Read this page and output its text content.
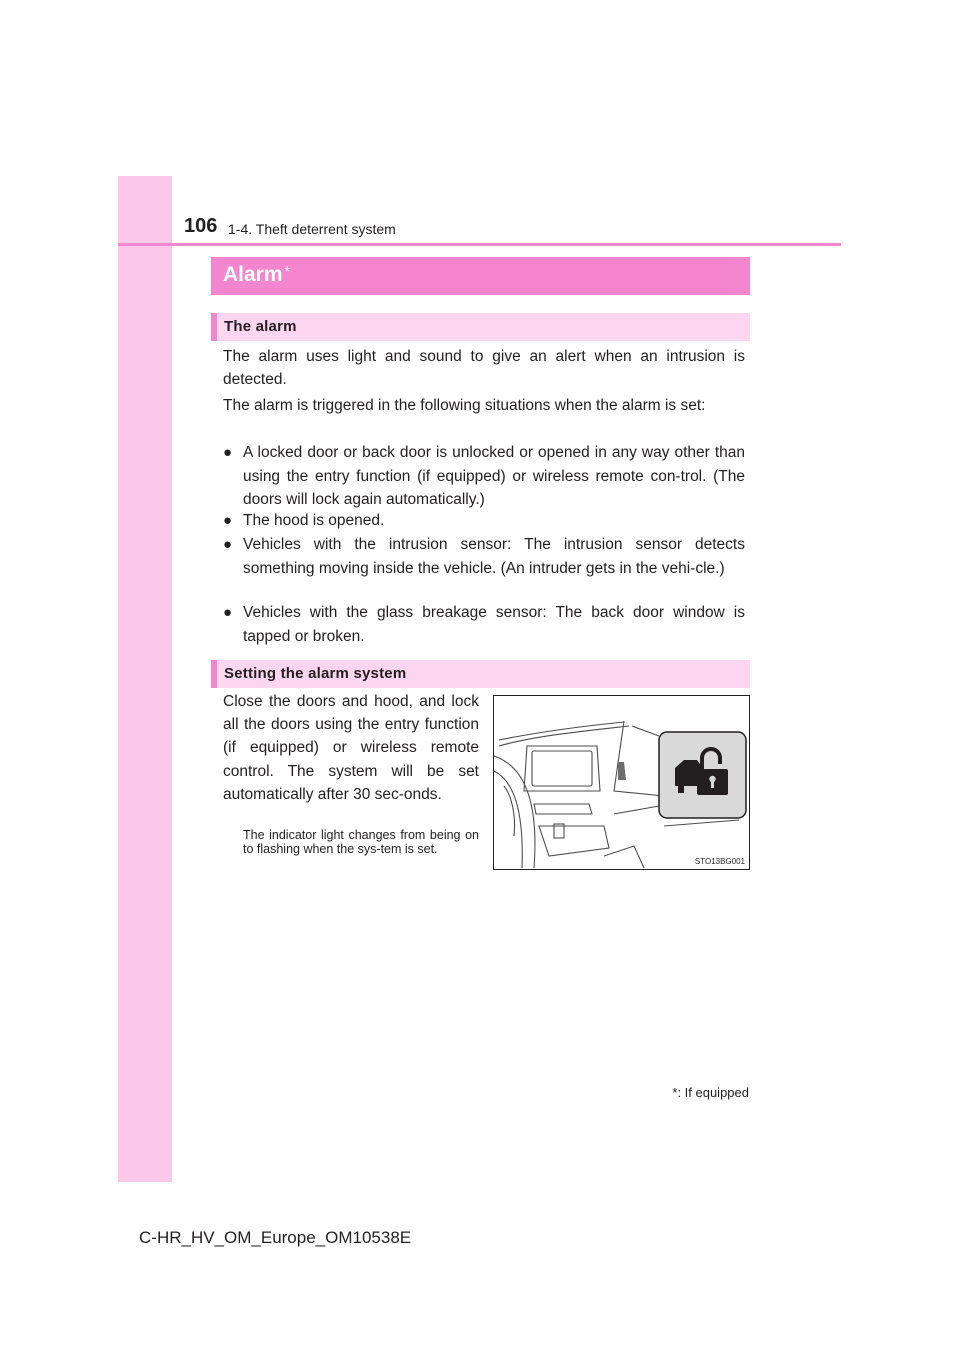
106 1-4. Theft deterrent system
Alarm *
The alarm

The alarm uses light and sound to give an alert when an intrusion is detected.

The alarm is triggered in the following situations when the alarm is set:

● A locked door or back door is unlocked or opened in any way other than using the entry function (if equipped) or wireless remote con-trol. (The doors will lock again automatically.)
● The hood is opened.
● Vehicles with the intrusion sensor: The intrusion sensor detects something moving inside the vehicle. (An intruder gets in the vehi-cle.)
● Vehicles with the glass breakage sensor: The back door window is tapped or broken.
Setting the alarm system

Close the doors and hood, and lock all the doors using the entry function (if equipped) or wireless remote control. The system will be set automatically after 30 sec-onds.

The indicator light changes from being on to flashing when the sys-tem is set.
STO13BG001
*: If equipped
C-HR_HV_OM_Europe_OM10538E
